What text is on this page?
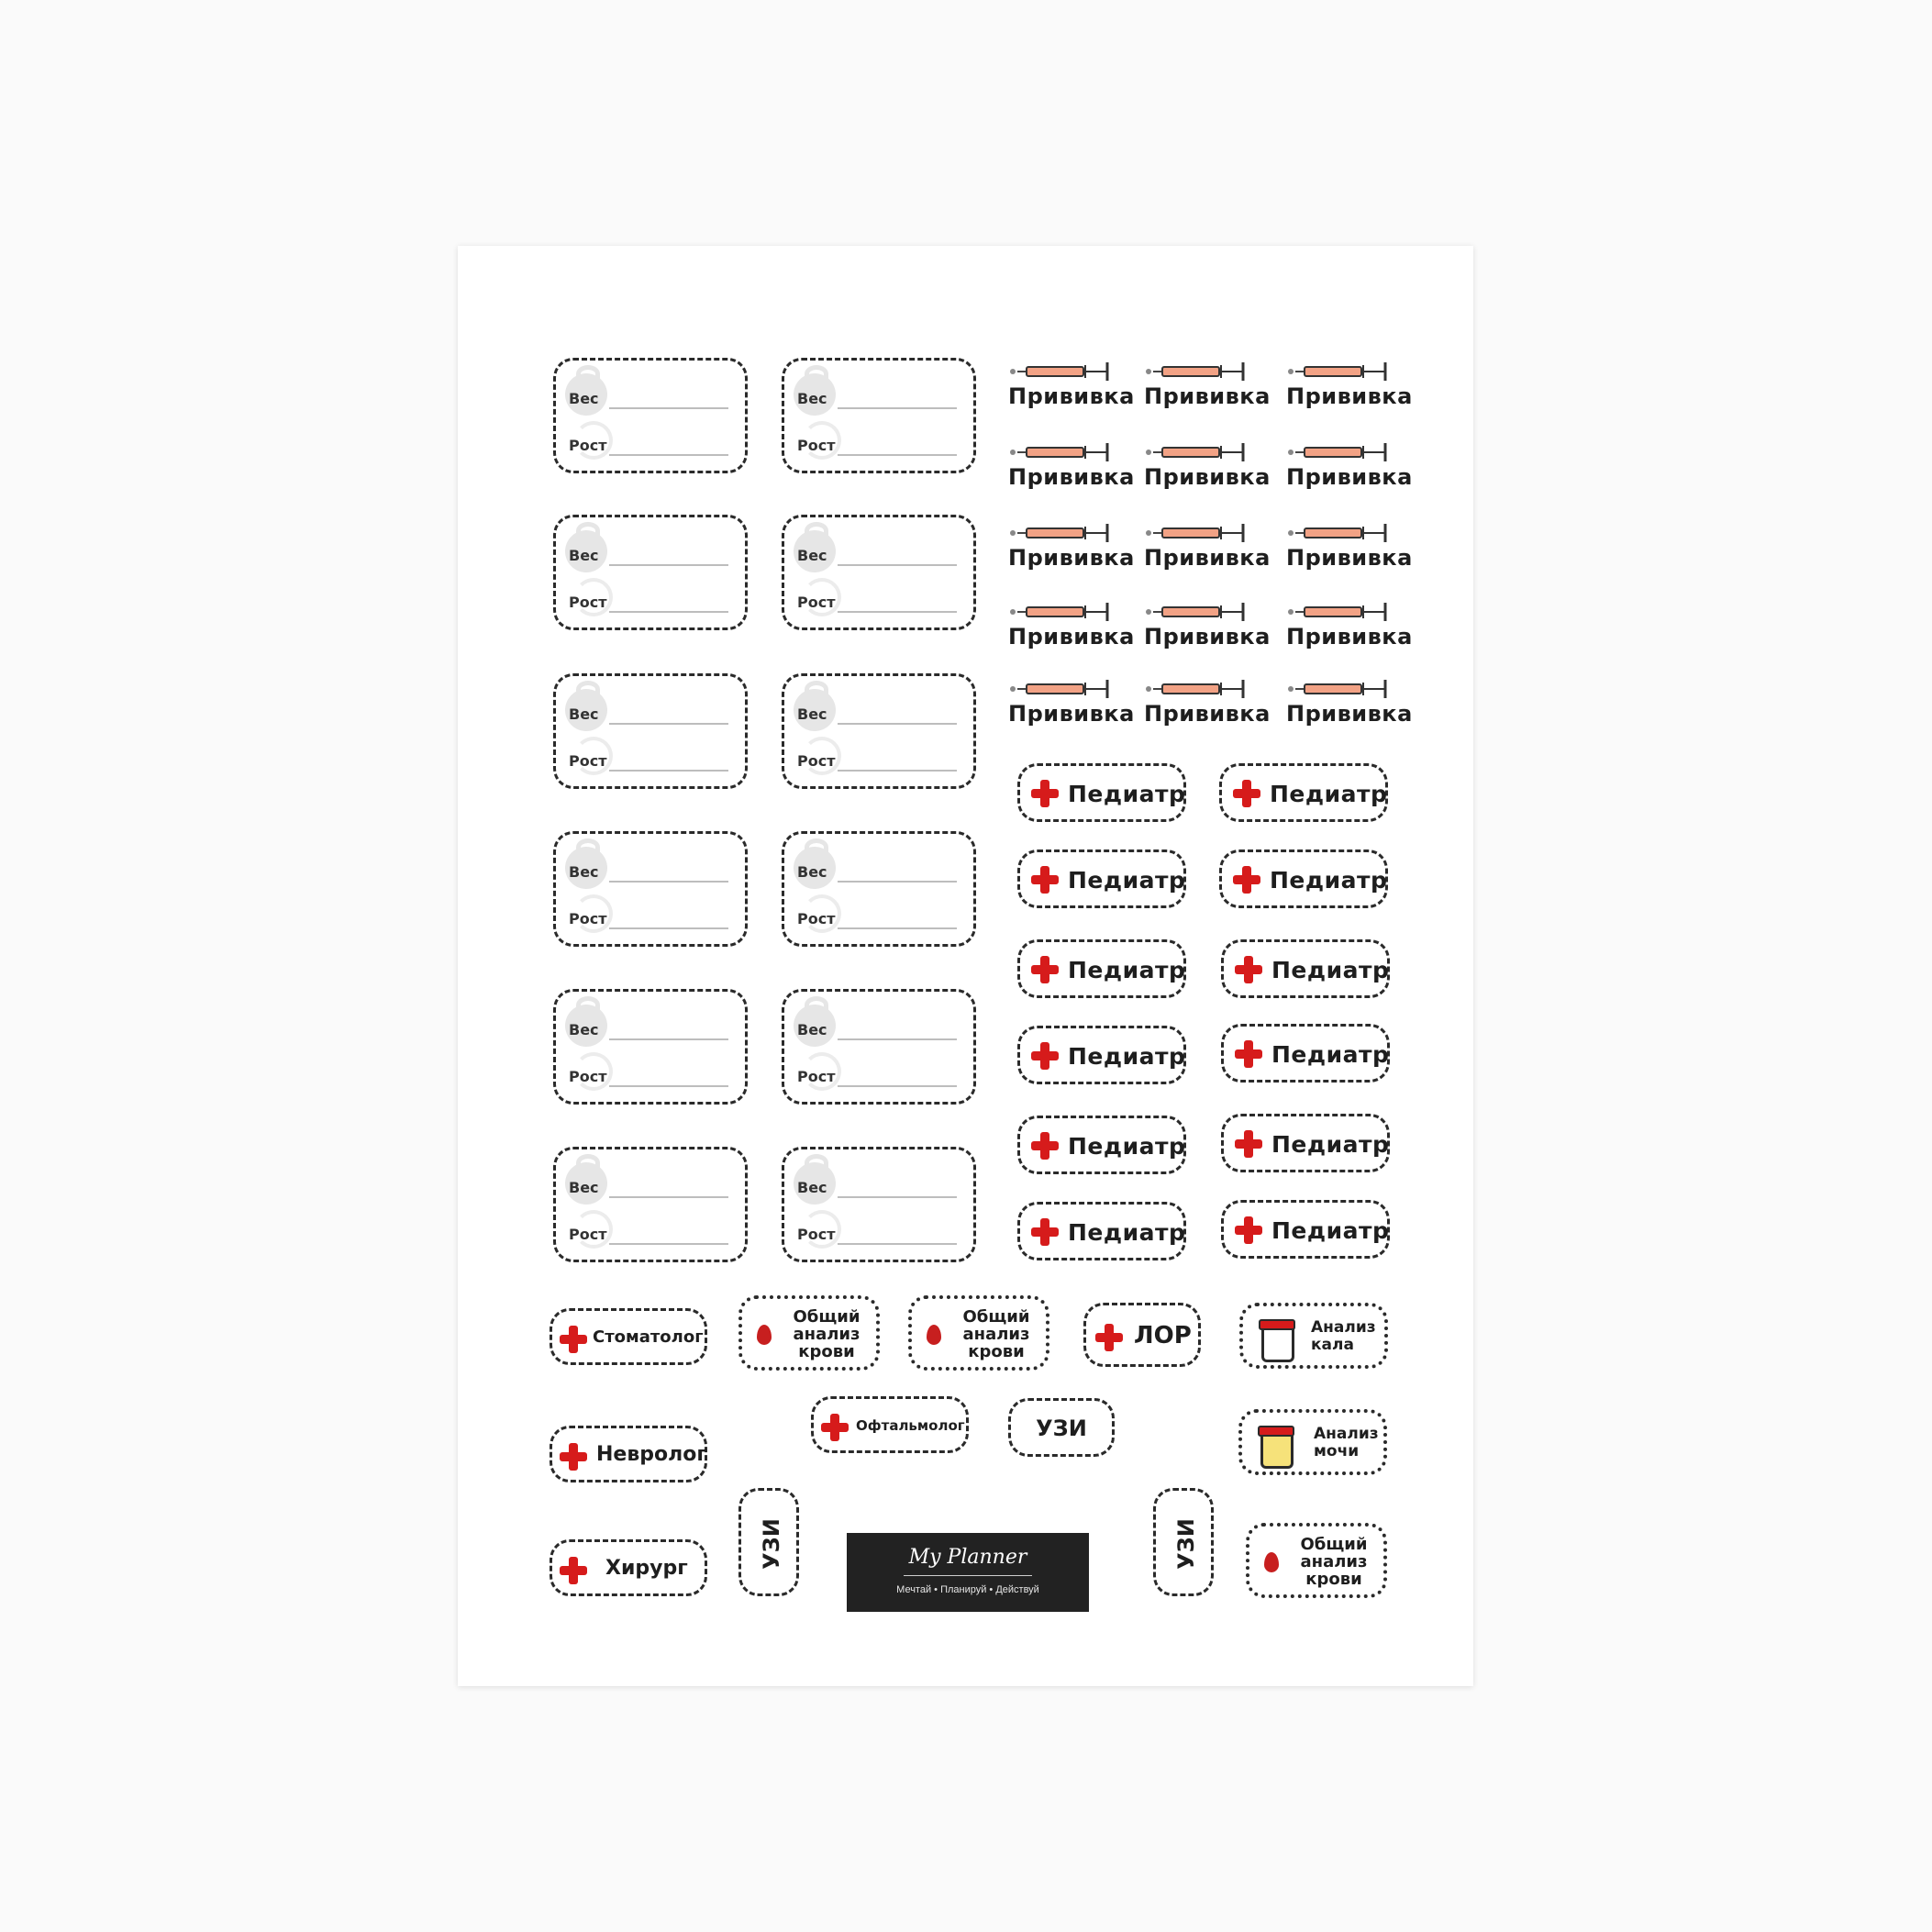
Вес
Рост
Вес
Рост
Вес
Рост
Вес
Рост
Вес
Рост
Вес
Рост
Вес
Рост
Вес
Рост
Вес
Рост
Вес
Рост
Вес
Рост
Вес
Рост
Прививка Прививка Прививка
Прививка Прививка Прививка
Прививка Прививка Прививка
Прививка Прививка Прививка
Прививка Прививка Прививка
Педиатр	Педиатр
Педиатр	Педиатр
Педиатр	Педиатр
Педиатр	Педиатр
Педиатр	Педиатр
Педиатр	Педиатр
Стоматолог
Общий анализ крови
Общий анализ крови
ЛОР	Анализ кала
Невролог
Офтальмолог	УЗИ	Анализ мочи
Хирург	УЗИ	УЗИ	Общий анализ крови
My Planner
Мечтай • Планируй • Действуй
